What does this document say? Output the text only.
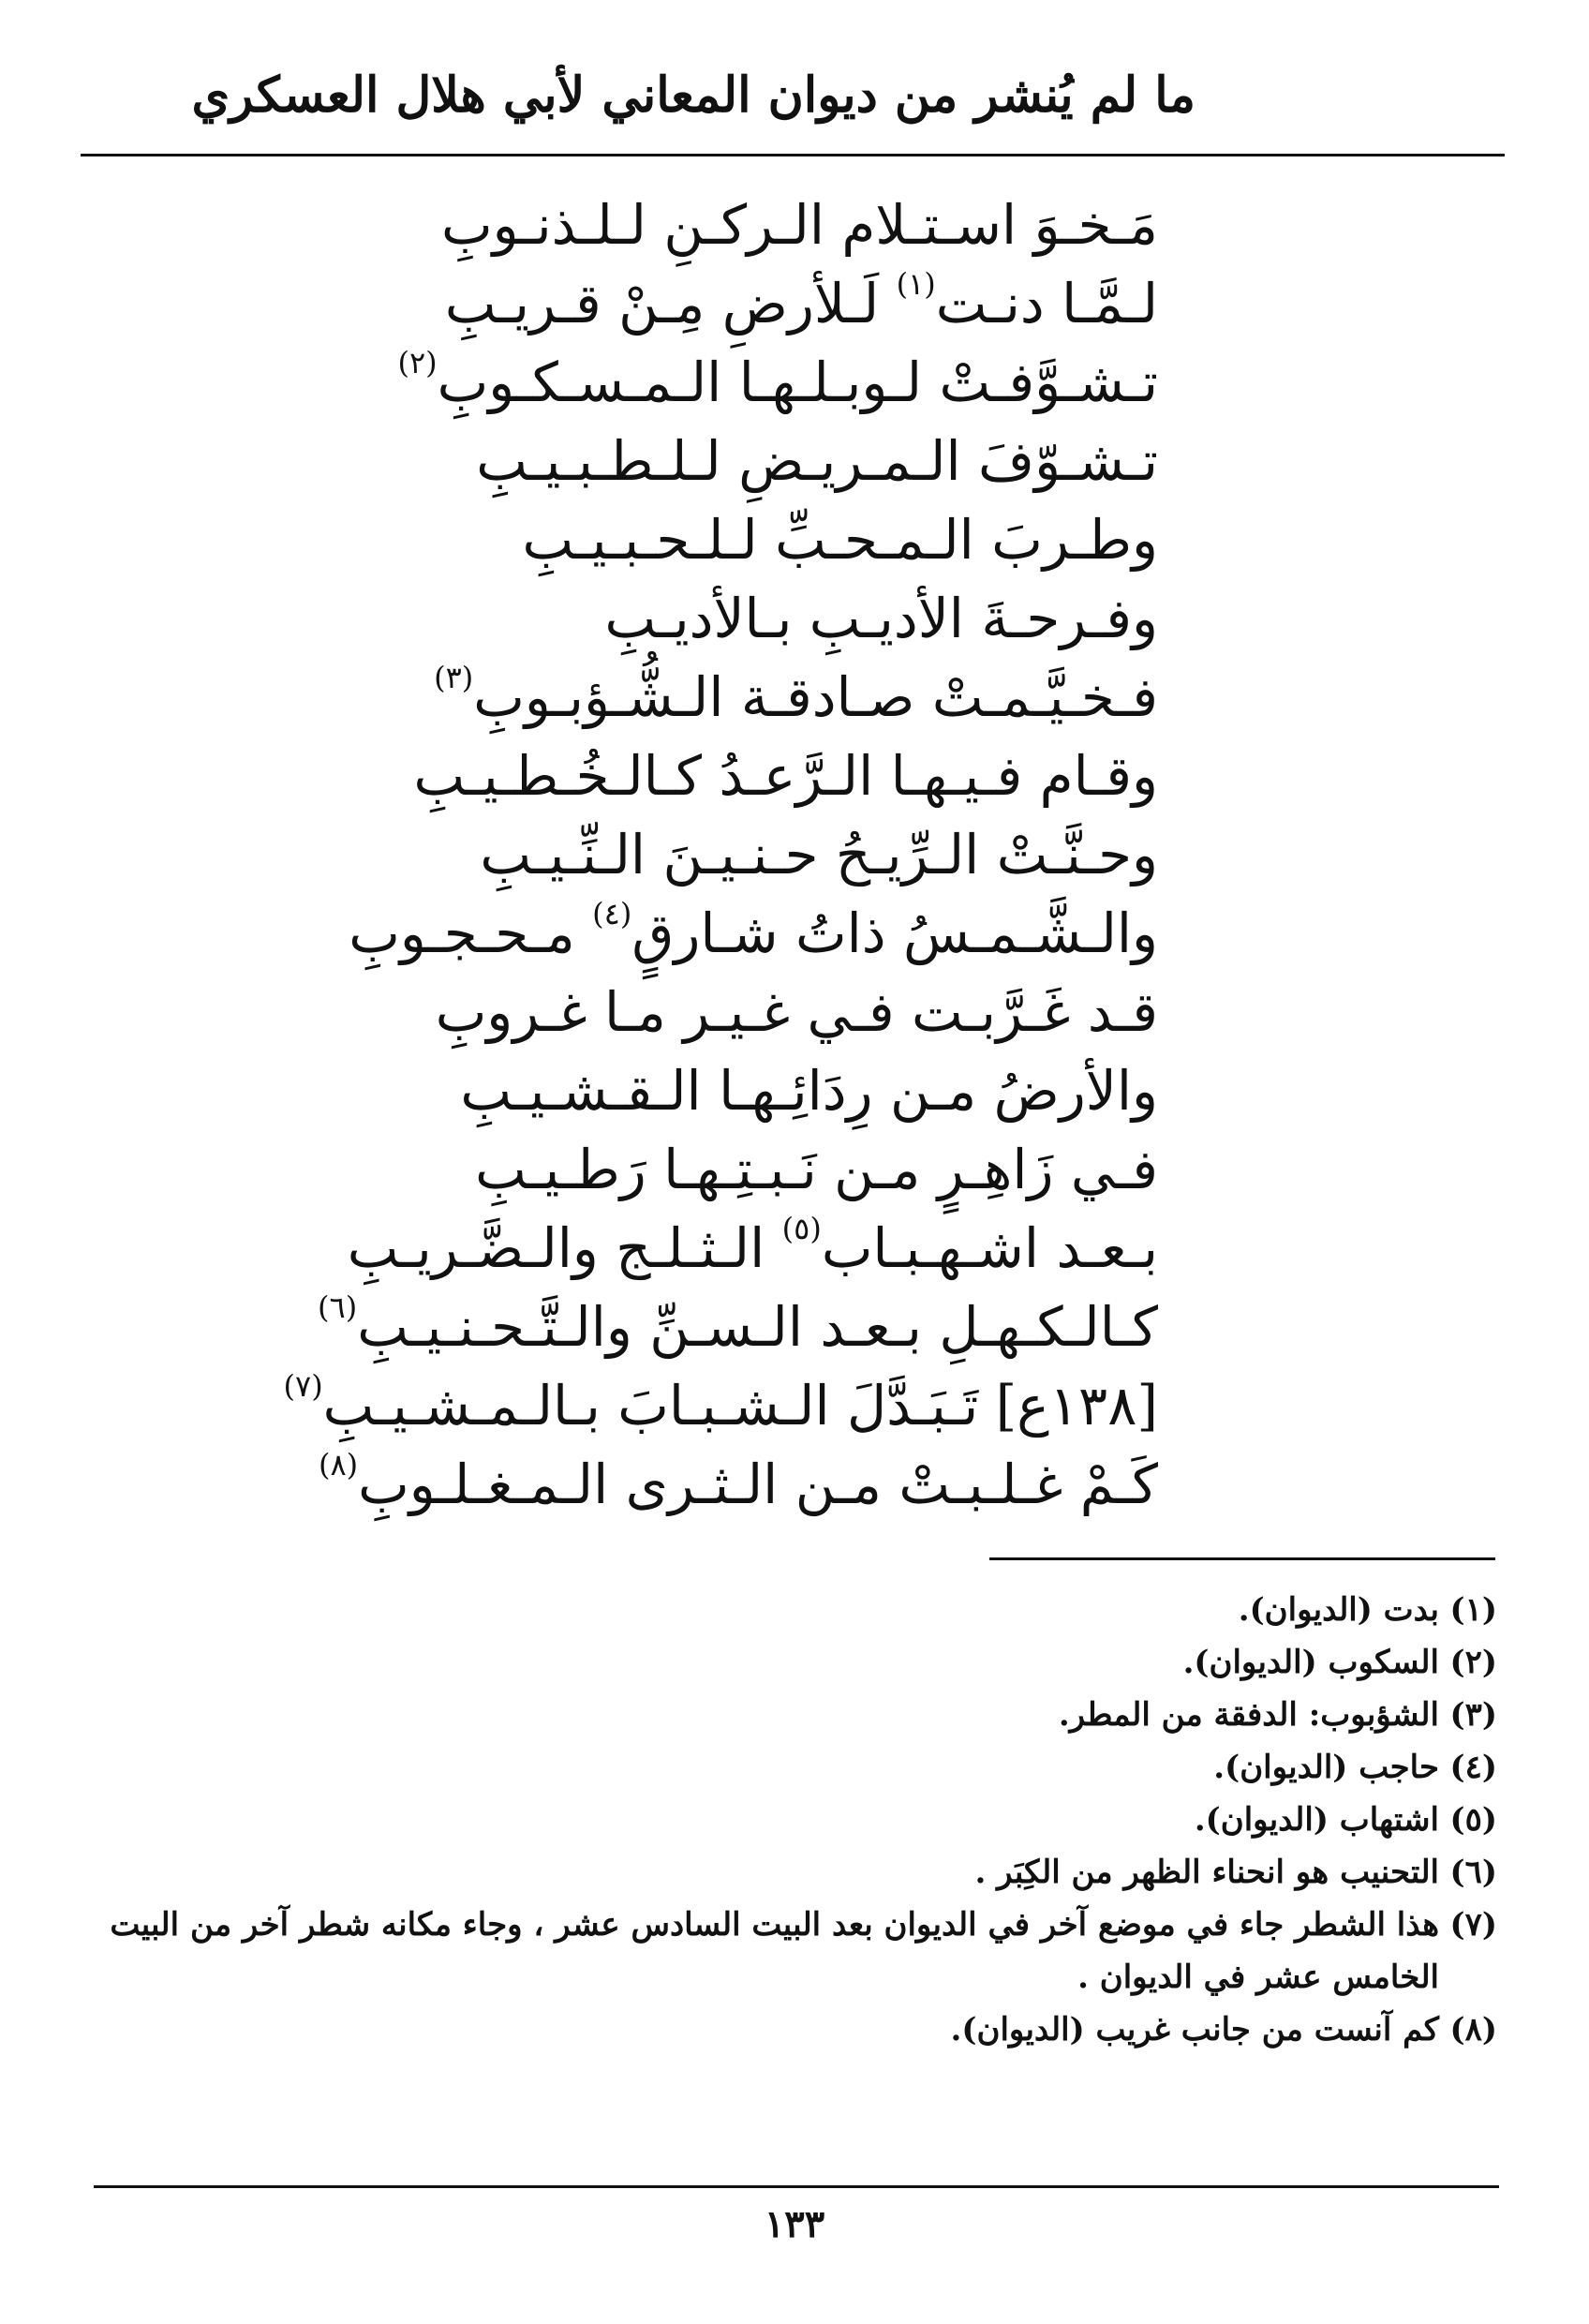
ما لم يُنشر من ديوان المعاني لأبي هلال العسكري
مَـخـوَ اسـتـلام الـركـنِ لـلـذنـوبِ
لـمَّـا دنـت$^{(١)}$ لَـلأرضِ مِـنْ قـريـبِ
تـشـوَّفـتْ لـوبـلـهـا الـمـسـكـوبِ$^{(٢)}$
تـشـوّفَ الـمـريـضِ لـلـطـبـيـبِ
وطـربَ الـمـحـبِّ لـلـحـبـيـبِ
وفـرحـةَ الأديـبِ بـالأديـبِ
فـخـيَّـمـتْ صـادقـة الـشُّـؤبـوبِ$^{(٣)}$
وقـام فـيـهـا الـرَّعـدُ كـالـخُـطـيـبِ
وحـنَّـتْ الـرِّيـحُ حـنـيـنَ الـنِّـيـبِ
والـشَّـمـسُ ذاتُ شـارقٍ$^{(٤)}$ مـحـجـوبِ
قـد غَـرَّبـت فـي غـيـر مـا غـروبِ
والأرضُ مـن رِدَائِـهـا الـقـشـيـبِ
فـي زَاهِـرٍ مـن نَـبـتِـهـا رَطـيـبِ
بـعـد اشـهـبـاب$^{(٥)}$ الـثـلـج والـضَّـريـبِ
كـالـكـهـلِ بـعـد الـسـنِّ والـتَّـحـنـيـبِ$^{(٦)}$
[١٣٨ع] تَـبَـدَّلَ الـشـبـابَ بـالـمـشـيـبِ$^{(٧)}$
كَـمْ غـلـبـتْ مـن الـثـرى الـمـغـلـوبِ$^{(٨)}$
(١)
بدت (الديوان).
(٢)
السكوب (الديوان).
(٣)
الشؤبوب: الدفقة من المطر.
(٤)
حاجب (الديوان).
(٥)
اشتهاب (الديوان).
(٦)
التحنيب هو انحناء الظهر من الكِبَر .
(٧)
هذا الشطر جاء في موضع آخر في الديوان بعد البيت السادس عشر ، وجاء مكانه شطر آخر من البيت الخامس عشر في الديوان .
(٨)
كم آنست من جانب غريب (الديوان).
١٣٣
